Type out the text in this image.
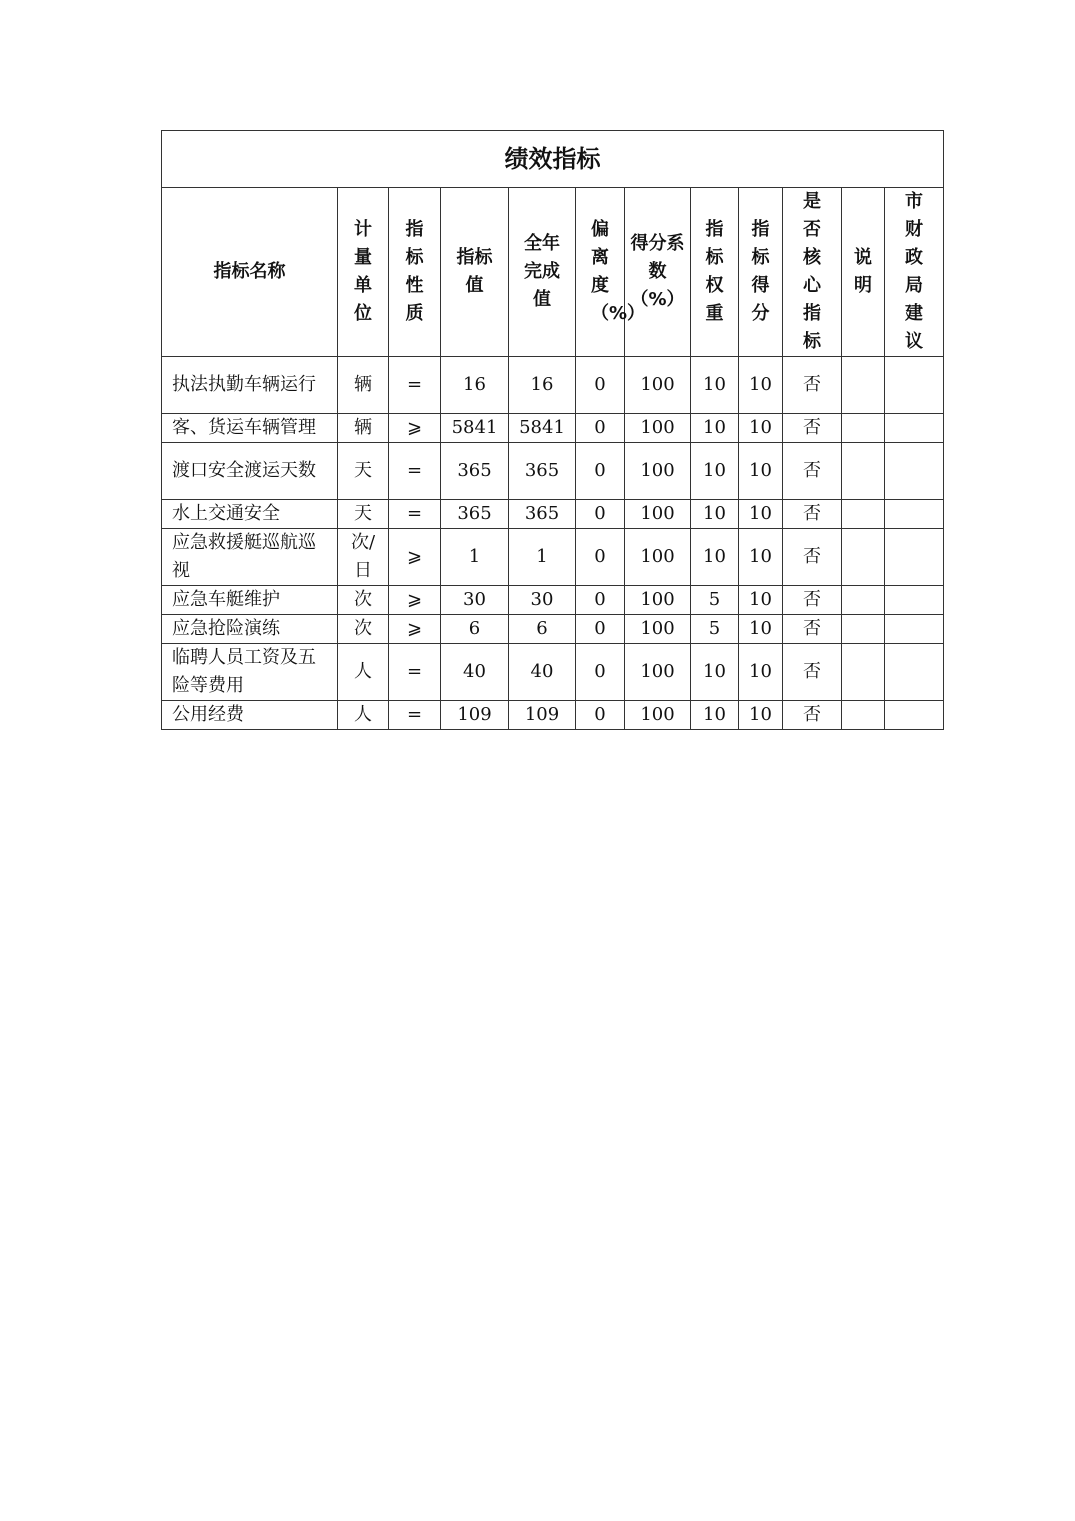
绩效指标											

指标名称	计量单位	指标性质	指标值	全年完成值	偏离度（%）	得分系数（%）	指标权重	指标得分	是否核心指标	说明	市财政局建议

执法执勤车辆运行	辆	=	16	16	0	100	10	10	否		
客、货运车辆管理	辆	⩾	5841	5841	0	100	10	10	否		
渡口安全渡运天数	天	=	365	365	0	100	10	10	否		
水上交通安全	天	=	365	365	0	100	10	10	否		
应急救援艇巡航巡视	次/日	⩾	1	1	0	100	10	10	否		
应急车艇维护	次	⩾	30	30	0	100	5	10	否		
应急抢险演练	次	⩾	6	6	0	100	5	10	否		
临聘人员工资及五险等费用	人	=	40	40	0	100	10	10	否		
公用经费	人	=	109	109	0	100	10	10	否		
